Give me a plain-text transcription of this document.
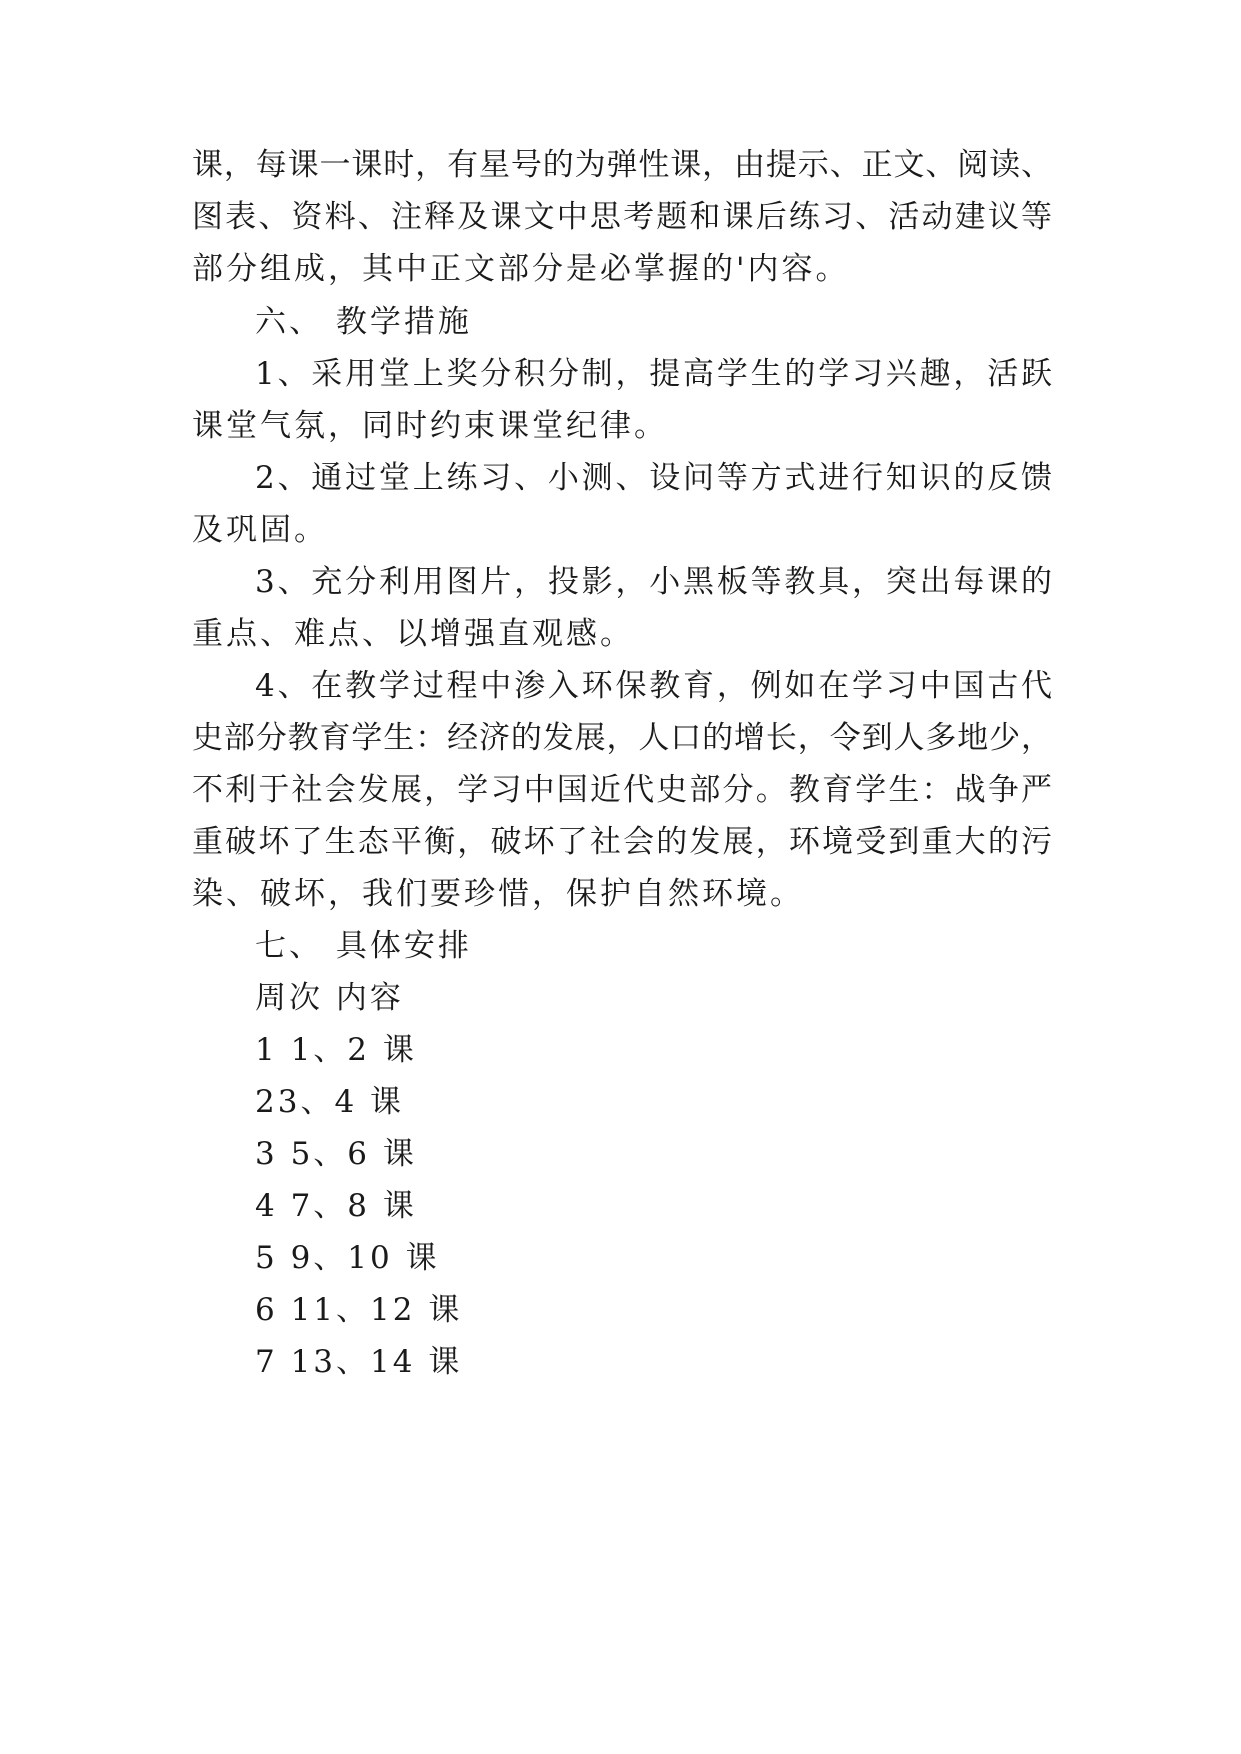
课，每课一课时，有星号的为弹性课，由提示、正文、阅读、
图表、资料、注释及课文中思考题和课后练习、活动建议等
部分组成，其中正文部分是必掌握的'内容。
六、 教学措施
1、采用堂上奖分积分制，提高学生的学习兴趣，活跃
课堂气氛，同时约束课堂纪律。
2、通过堂上练习、小测、设问等方式进行知识的反馈
及巩固。
3、充分利用图片，投影，小黑板等教具，突出每课的
重点、难点、以增强直观感。
4、在教学过程中渗入环保教育，例如在学习中国古代
史部分教育学生：经济的发展，人口的增长，令到人多地少，
不利于社会发展，学习中国近代史部分。教育学生：战争严
重破坏了生态平衡，破坏了社会的发展，环境受到重大的污
染、破坏，我们要珍惜，保护自然环境。
七、 具体安排
周次 内容
1 1、2 课
23、4 课
3 5、6 课
4 7、8 课
5 9、10 课
6 11、12 课
7 13、14 课
